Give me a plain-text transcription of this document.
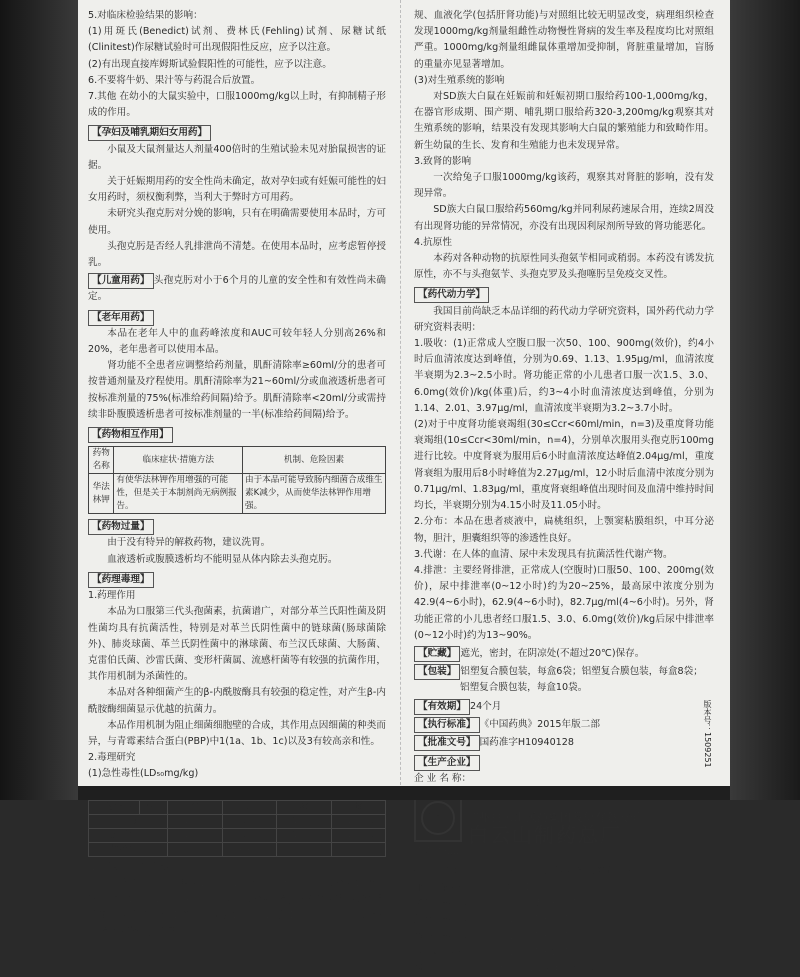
5.对临床检验结果的影响：

(1)用斑氏(Benedict)试剂、费林氏(Fehling)试剂、尿糖试纸(Clinitest)作尿糖试验时可出现假阳性反应，应予以注意。

(2)有出现直接库姆斯试验假阳性的可能性，应予以注意。

6.不要将牛奶、果汁等与药混合后放置。

7.其他 在幼小的大鼠实验中，口服1000mg/kg以上时，有抑制精子形成的作用。

【孕妇及哺乳期妇女用药】

小鼠及大鼠剂量达人剂量400倍时的生殖试验未见对胎鼠损害的证据。

关于妊娠期用药的安全性尚未确定，故对孕妇或有妊娠可能性的妇女用药时，须权衡利弊，当利大于弊时方可用药。

未研究头孢克肟对分娩的影响，只有在明确需要使用本品时，方可使用。

头孢克肟是否经人乳排泄尚不清楚。在使用本品时，应考虑暂停授乳。

【儿童用药】 头孢克肟对小于6个月的儿童的安全性和有效性尚未确定。

【老年用药】

本品在老年人中的血药峰浓度和AUC可较年轻人分别高26%和20%，老年患者可以使用本品。

肾功能不全患者应调整给药剂量，肌酐清除率≥60ml/分的患者可按普通剂量及疗程使用。肌酐清除率为21~60ml/分或血液透析患者可按标准剂量的75%(标准给药间隔)给予。肌酐清除率<20ml/分或需持续非卧腹膜透析患者可按标准剂量的一半(标准给药间隔)给予。

【药物相互作用】
药物名称	临床症状·措施方法	机制、危险因素
华法林钾	有使华法林钾作用增强的可能性，但是关于本制剂尚无病例报告。	由于本品可能导致肠内细菌合成维生素K减少，从而使华法林钾作用增强。
【药物过量】

由于没有特异的解救药物，建议洗胃。

血液透析或腹膜透析均不能明显从体内除去头孢克肟。

【药理毒理】

1.药理作用

本品为口服第三代头孢菌素，抗菌谱广，对部分革兰氏阳性菌及阴性菌均具有抗菌活性，特别是对革兰氏阴性菌中的链球菌(肠球菌除外)、肺炎球菌、革兰氏阴性菌中的淋球菌、布兰汉氏球菌、大肠菌、克雷伯氏菌、沙雷氏菌、变形杆菌属、流感杆菌等有较强的抗菌作用，其作用机制为杀菌性的。

本品对各种细菌产生的β-内酰胺酶具有较强的稳定性，对产生β-内酰胺酶细菌显示优越的抗菌力。

本品作用机制为阻止细菌细胞壁的合成，其作用点因细菌的种类而异，与青霉素结合蛋白(PBP)中1(1a、1b、1c)以及3有较高亲和性。

2.毒理研究

(1)急性毒性(LD₅₀mg/kg)

给药途径	性别	雄	雌	雄	雌
口 服		>10.000	>10.000	>10.000	>10.000
皮下注射		>10.000	>10.000	>10.000	>10.000
静脉注射		5.840	4.420	6.990	7.870

(2)亚急性、慢性毒性

对于成年SD大白鼠以100、320及1,000mg/kg口服给药13周，成年犬以100、200及400mg/kg口服给药5周，所有的实验均未发现异常。对于成年的SD族大白鼠以100、320及1,000mg/kg口服给药53周的实验中，血常

规、血液化学(包括肝肾功能)与对照组比较无明显改变，病理组织检查发现1000mg/kg剂量组雌性动物慢性肾病的发生率及程度均比对照组严重。1000mg/kg剂量组雌鼠体重增加受抑制，肾脏重量增加，盲肠的重量亦见显著增加。

(3)对生殖系统的影响

对SD族大白鼠在妊娠前和妊娠初期口服给药100-1,000mg/kg，在器官形成期、围产期、哺乳期口服给药320-3,200mg/kg观察其对生殖系统的影响，结果没有发现其影响大白鼠的繁殖能力和致畸作用。新生幼鼠的生长、发育和生殖能力也未发现异常。

3.致肾的影响

一次给兔子口服1000mg/kg该药，观察其对肾脏的影响，没有发现异常。

SD族大白鼠口服给药560mg/kg并同利尿药速尿合用，连续2周没有出现肾功能的异常情况，亦没有出现因利尿剂所导致的肾功能恶化。

4.抗原性

本药对各种动物的抗原性同头孢氨苄相同或稍弱。本药没有诱发抗原性，亦不与头孢氨苄、头孢克罗及头孢噻肟呈免疫交叉性。

【药代动力学】

我国目前尚缺乏本品详细的药代动力学研究资料，国外药代动力学研究资料表明：

1.吸收：(1)正常成人空腹口服一次50、100、900mg(效价)，约4小时后血清浓度达到峰值，分别为0.69、1.13、1.95μg/ml，血清浓度半衰期为2.3~2.5小时。肾功能正常的小儿患者口服一次1.5、3.0、6.0mg(效价)/kg(体重)后，约3~4小时血清浓度达到峰值，分别为1.14、2.01、3.97μg/ml，血清浓度半衰期为3.2~3.7小时。

(2)对于中度肾功能衰竭组(30≤Ccr<60ml/min，n=3)及重度肾功能衰竭组(10≤Ccr<30ml/min，n=4)，分别单次服用头孢克肟100mg进行比较。中度肾衰为服用后6小时血清浓度达峰值2.04μg/ml，重度肾衰组为服用后8小时峰值为2.27μg/ml，12小时后血清中浓度分别为0.71μg/ml、1.83μg/ml，重度肾衰组峰值出现时间及血清中维持时间均长，半衰期分别为4.15小时及11.05小时。

2.分布：本品在患者痰液中，扁桃组织，上颚窦粘膜组织，中耳分泌物，胆汁，胆囊组织等的渗透性良好。

3.代谢：在人体的血清、尿中未发现具有抗菌活性代谢产物。

4.排泄：主要经肾排泄，正常成人(空腹时)口服50、100、200mg(效价)，尿中排泄率(0~12小时)约为20~25%，最高尿中浓度分别为42.9(4~6小时)，62.9(4~6小时)，82.7μg/ml(4~6小时)。另外，肾功能正常的小儿患者经口服1.5、3.0、6.0mg(效价)/kg后尿中排泄率(0~12小时)约为13~90%。

【贮藏】 遮光，密封，在阴凉处(不超过20℃)保存。

【包装】 铝塑复合膜包装，每盒6袋；铝塑复合膜包装，每盒8袋；

铝塑复合膜包装，每盒10袋。

【有效期】 24个月

【执行标准】 《中国药典》2015年版二部

【批准文号】 国药准字H10940128

【生产企业】

企 业 名 称：

白云山
广药白云山
广州白云山医药集团股份有限公司
白云山制药总厂

生 产 地 址：	广州市白云区同和街云祥路88号

邮 政 编 码：	510515

客户服务电话： 8008305098、4008305098

质量服务电话： (020)87063679

销售服务电话： (020)87063279

传 真 号 码：	(020)87061075

网　　　址：	http://www.byszc.com

版本号：1509251
